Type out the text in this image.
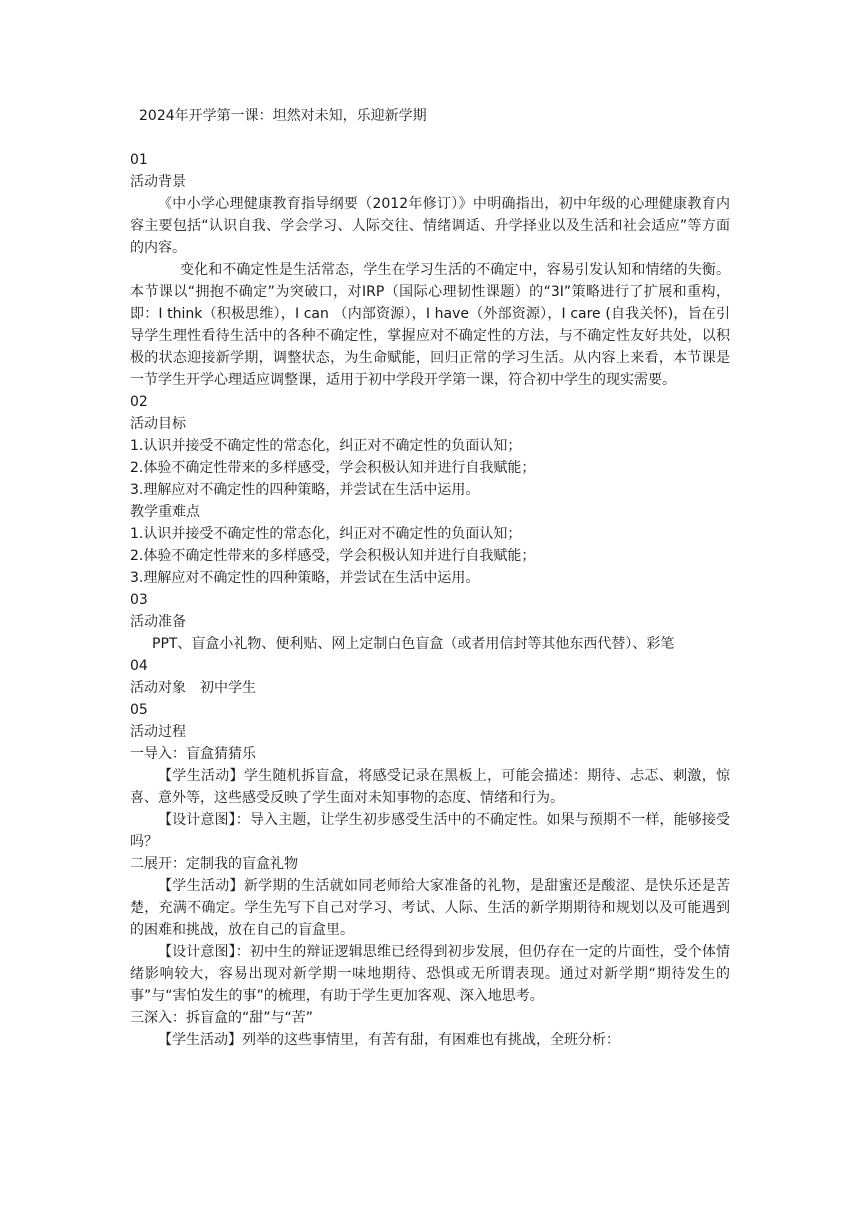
2024年开学第一课：坦然对未知，乐迎新学期

01

活动背景

《中小学心理健康教育指导纲要（2012年修订）》中明确指出，初中年级的心理健康教育内容主要包括“认识自我、学会学习、人际交往、情绪调适、升学择业以及生活和社会适应”等方面的内容。

变化和不确定性是生活常态，学生在学习生活的不确定中，容易引发认知和情绪的失衡。本节课以“拥抱不确定”为突破口，对IRP（国际心理韧性课题）的“3I”策略进行了扩展和重构，即：I think（积极思维），I can （内部资源），I have（外部资源），I care (自我关怀)，旨在引导学生理性看待生活中的各种不确定性，掌握应对不确定性的方法，与不确定性友好共处，以积极的状态迎接新学期，调整状态，为生命赋能，回归正常的学习生活。从内容上来看，本节课是一节学生开学心理适应调整课，适用于初中学段开学第一课，符合初中学生的现实需要。

02

活动目标

1.认识并接受不确定性的常态化，纠正对不确定性的负面认知；

2.体验不确定性带来的多样感受，学会积极认知并进行自我赋能；

3.理解应对不确定性的四种策略，并尝试在生活中运用。

教学重难点

1.认识并接受不确定性的常态化，纠正对不确定性的负面认知；

2.体验不确定性带来的多样感受，学会积极认知并进行自我赋能；

3.理解应对不确定性的四种策略，并尝试在生活中运用。

03

活动准备

PPT、盲盒小礼物、便利贴、网上定制白色盲盒（或者用信封等其他东西代替）、彩笔

04

活动对象　初中学生

05

活动过程

一导入：盲盒猜猜乐

【学生活动】学生随机拆盲盒，将感受记录在黑板上，可能会描述：期待、忐忑、刺激，惊喜、意外等，这些感受反映了学生面对未知事物的态度、情绪和行为。

【设计意图】：导入主题，让学生初步感受生活中的不确定性。如果与预期不一样，能够接受吗？

二展开：定制我的盲盒礼物

【学生活动】新学期的生活就如同老师给大家准备的礼物，是甜蜜还是酸涩、是快乐还是苦楚，充满不确定。学生先写下自己对学习、考试、人际、生活的新学期期待和规划以及可能遇到的困难和挑战，放在自己的盲盒里。

【设计意图】：初中生的辩证逻辑思维已经得到初步发展，但仍存在一定的片面性，受个体情绪影响较大，容易出现对新学期一味地期待、恐惧或无所谓表现。通过对新学期“期待发生的事”与“害怕发生的事”的梳理，有助于学生更加客观、深入地思考。

三深入：拆盲盒的“甜”与“苦”

【学生活动】列举的这些事情里，有苦有甜，有困难也有挑战，全班分析：
